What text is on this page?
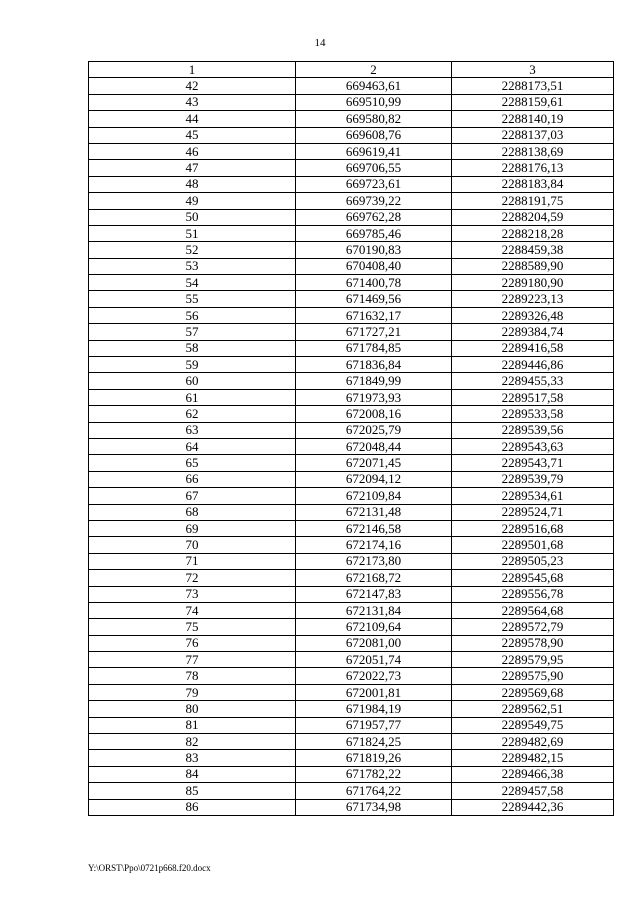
14
1	2	3
42	669463,61	2288173,51
43	669510,99	2288159,61
44	669580,82	2288140,19
45	669608,76	2288137,03
46	669619,41	2288138,69
47	669706,55	2288176,13
48	669723,61	2288183,84
49	669739,22	2288191,75
50	669762,28	2288204,59
51	669785,46	2288218,28
52	670190,83	2288459,38
53	670408,40	2288589,90
54	671400,78	2289180,90
55	671469,56	2289223,13
56	671632,17	2289326,48
57	671727,21	2289384,74
58	671784,85	2289416,58
59	671836,84	2289446,86
60	671849,99	2289455,33
61	671973,93	2289517,58
62	672008,16	2289533,58
63	672025,79	2289539,56
64	672048,44	2289543,63
65	672071,45	2289543,71
66	672094,12	2289539,79
67	672109,84	2289534,61
68	672131,48	2289524,71
69	672146,58	2289516,68
70	672174,16	2289501,68
71	672173,80	2289505,23
72	672168,72	2289545,68
73	672147,83	2289556,78
74	672131,84	2289564,68
75	672109,64	2289572,79
76	672081,00	2289578,90
77	672051,74	2289579,95
78	672022,73	2289575,90
79	672001,81	2289569,68
80	671984,19	2289562,51
81	671957,77	2289549,75
82	671824,25	2289482,69
83	671819,26	2289482,15
84	671782,22	2289466,38
85	671764,22	2289457,58
86	671734,98	2289442,36
Y:\ORST\Ppo\0721p668.f20.docx
